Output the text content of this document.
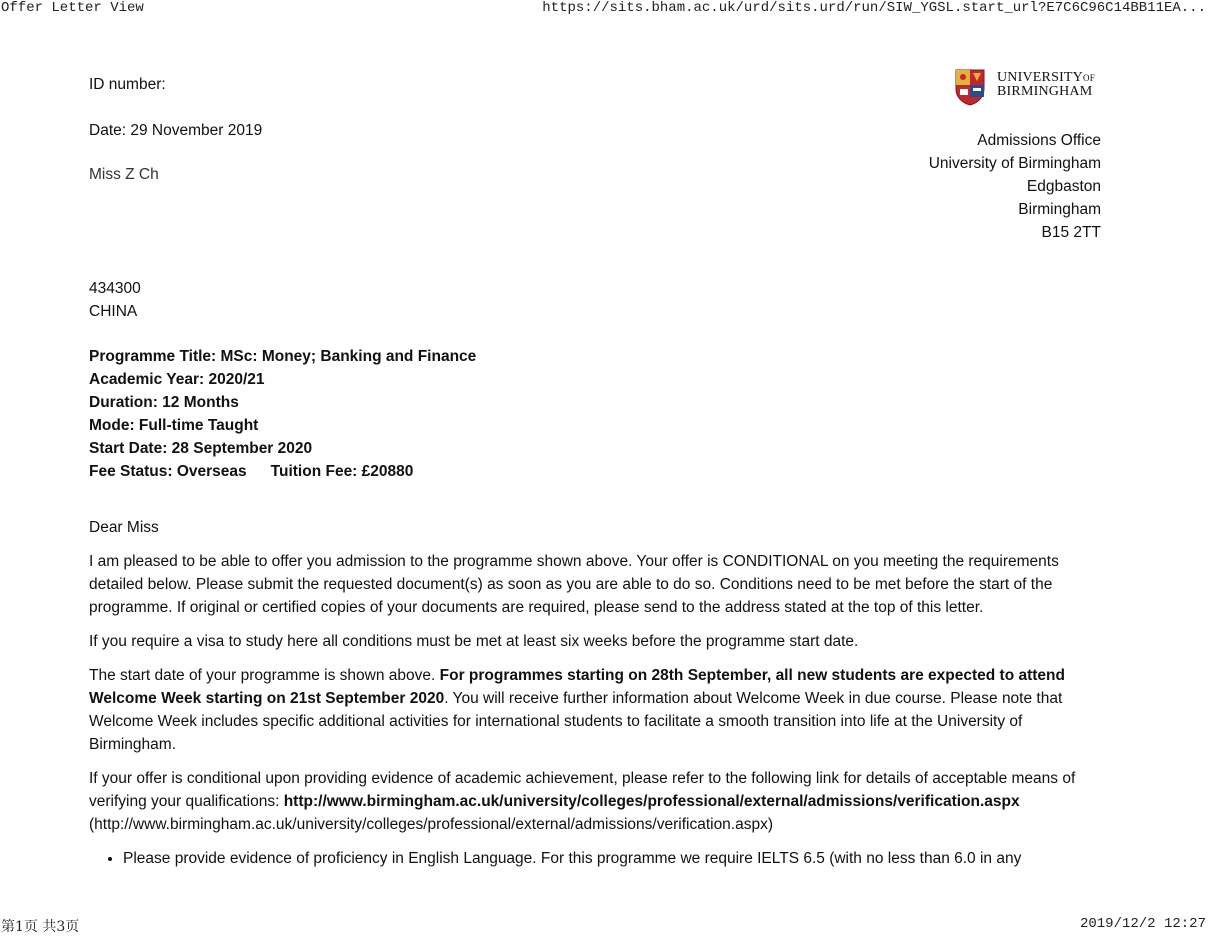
Offer Letter View	https://sits.bham.ac.uk/urd/sits.urd/run/SIW_YGSL.start_url?E7C6C96C14BB11EA...
ID number:
Date: 29 November 2019
Miss Z Ch
$UNIVERSITY^{OF}$
BIRMINGHAM
Admissions Office
University of Birmingham
Edgbaston
Birmingham
B15 2TT
434300
CHINA
Programme Title: MSc: Money; Banking and Finance
Academic Year: 2020/21
Duration: 12 Months
Mode: Full-time Taught
Start Date: 28 September 2020
Fee Status: Overseas Tuition Fee: £20880
Dear Miss
I am pleased to be able to offer you admission to the programme shown above. Your offer is CONDITIONAL on you meeting the requirements detailed below. Please submit the requested document(s) as soon as you are able to do so. Conditions need to be met before the start of the programme. If original or certified copies of your documents are required, please send to the address stated at the top of this letter.
If you require a visa to study here all conditions must be met at least six weeks before the programme start date.
The start date of your programme is shown above. For programmes starting on 28th September, all new students are expected to attend Welcome Week starting on 21st September 2020. You will receive further information about Welcome Week in due course. Please note that Welcome Week includes specific additional activities for international students to facilitate a smooth transition into life at the University of Birmingham.
If your offer is conditional upon providing evidence of academic achievement, please refer to the following link for details of acceptable means of verifying your qualifications: http://www.birmingham.ac.uk/university/colleges/professional/external/admissions/verification.aspx
(http://www.birmingham.ac.uk/university/colleges/professional/external/admissions/verification.aspx)
• Please provide evidence of proficiency in English Language. For this programme we require IELTS 6.5 (with no less than 6.0 in any
第1页 共3页	2019/12/2 12:27
